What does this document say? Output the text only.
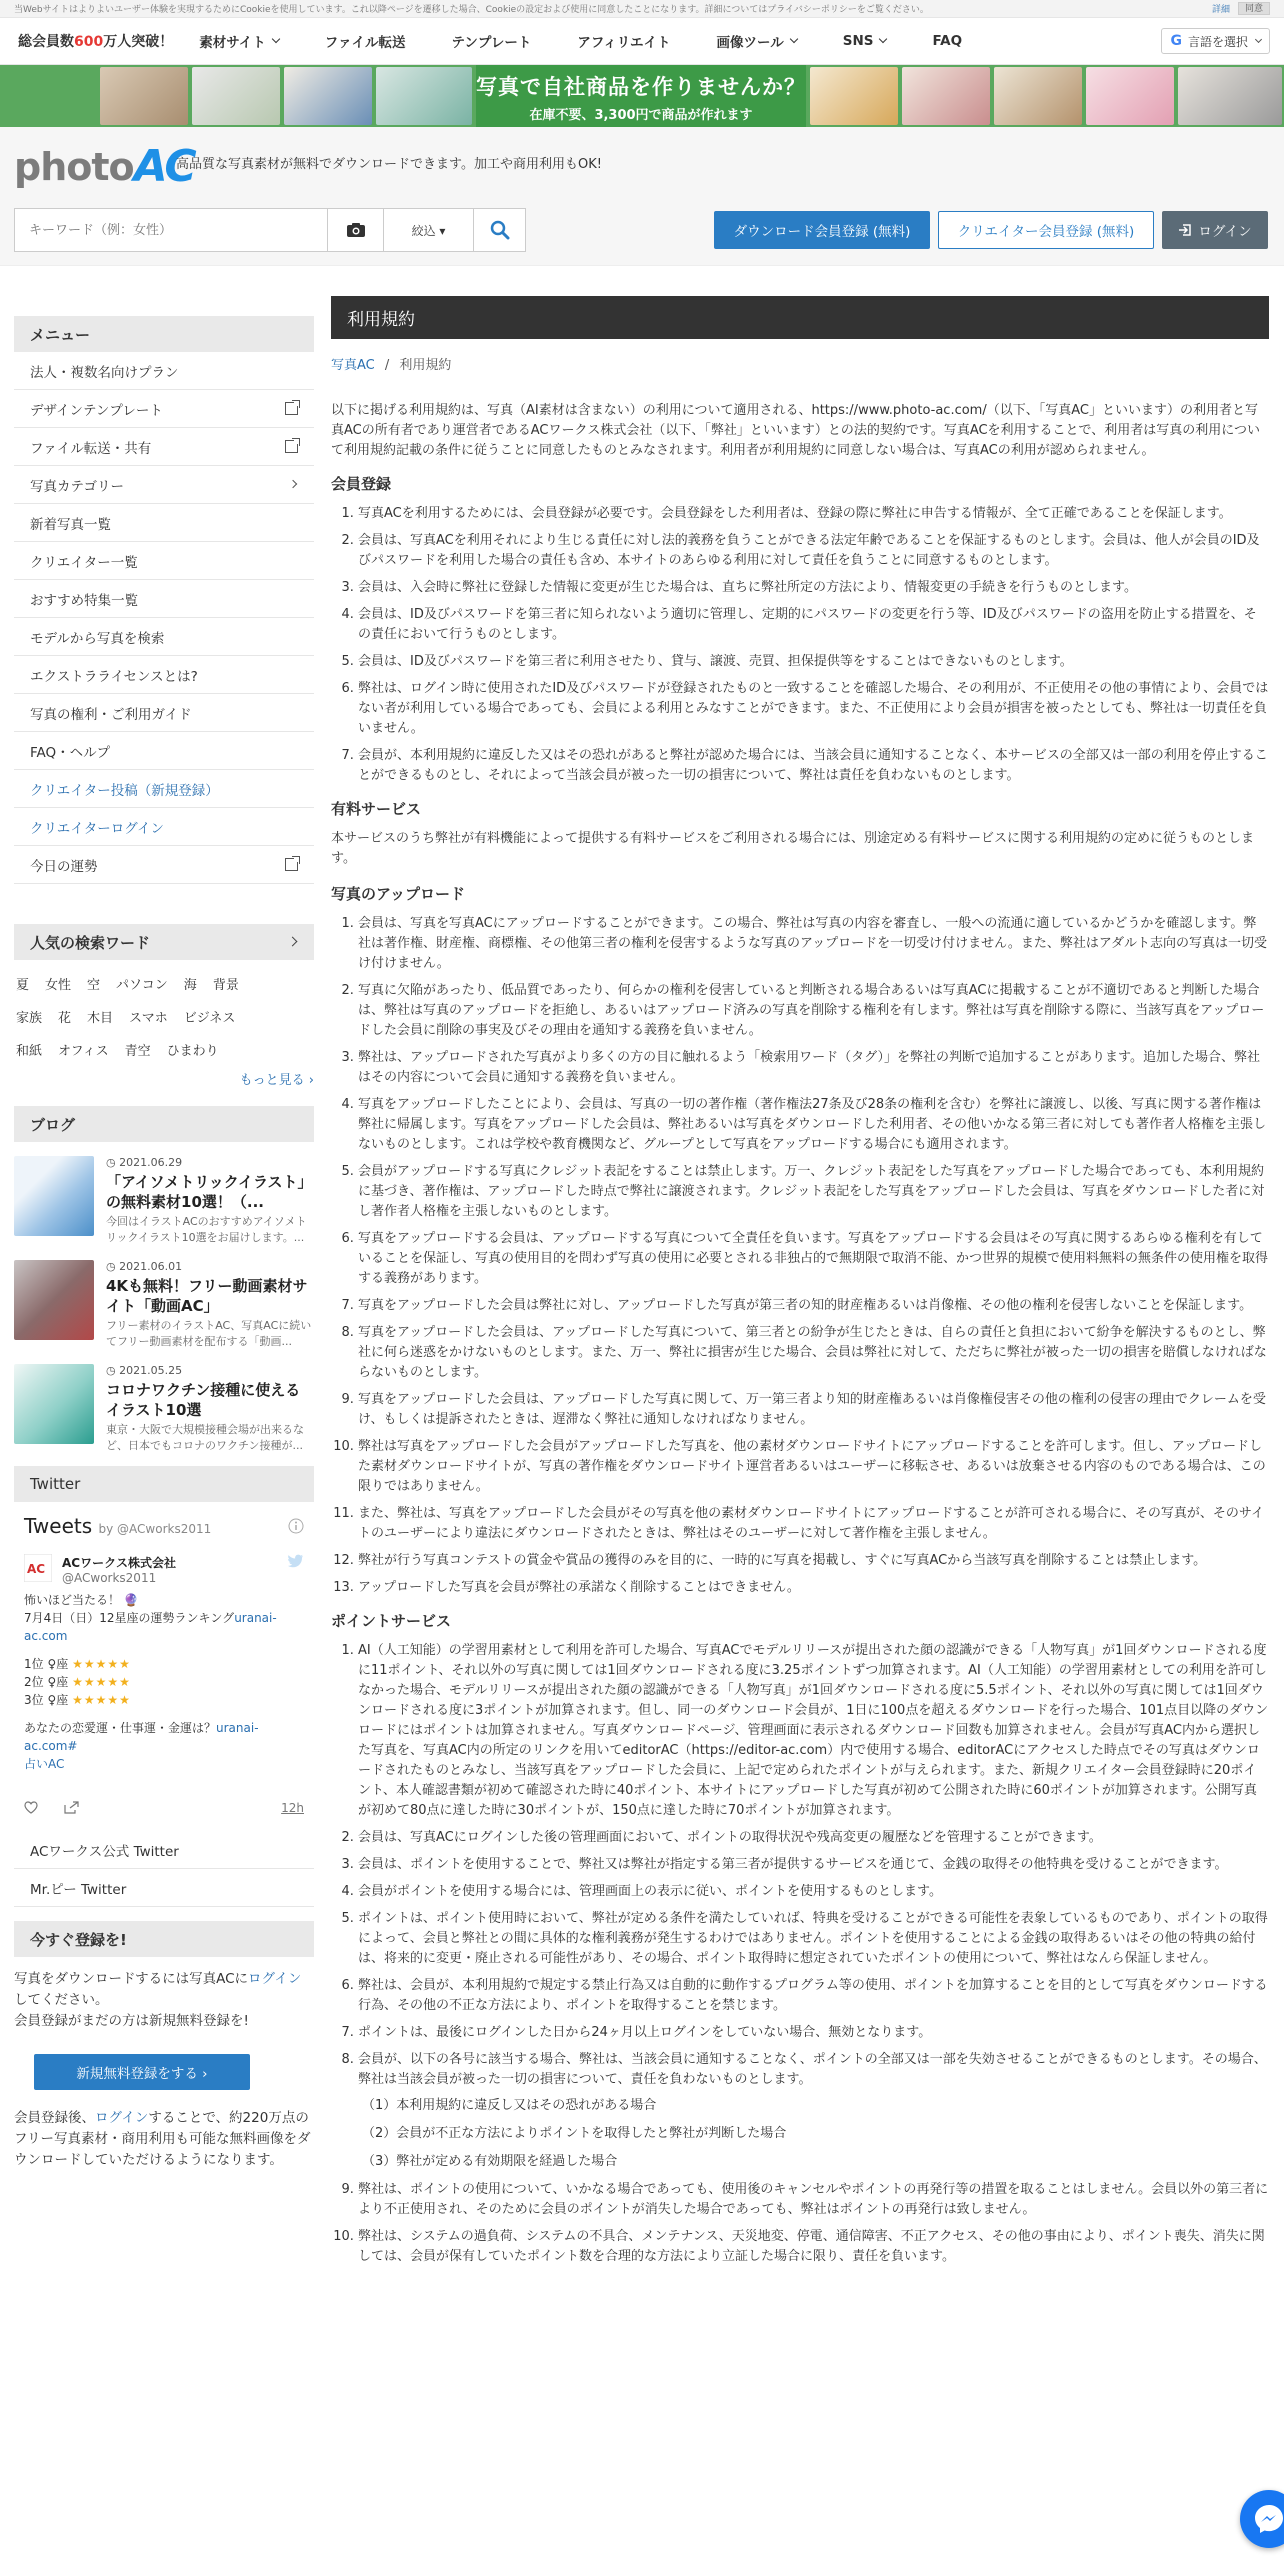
当Webサイトはよりよいユーザー体験を実現するためにCookieを使用しています。これ以降ページを遷移した場合、Cookieの設定および使用に同意したことになります。詳細についてはプライバシーポリシーをご覧ください。	詳細	同意
総会員数600万人突破！ 素材サイト	ファイル転送	テンプレート	アフィリエイト	画像ツール	SNS	FAQ	G 言語を選択
写真で自社商品を作りませんか？
在庫不要、3,300円で商品が作れます
photo AC
高品質な写真素材が無料でダウンロードできます。加工や商用利用もOK!
キーワード（例：女性）
絞込 ▾	ダウンロード会員登録 (無料)	クリエイター会員登録 (無料)	ログイン
メニュー
法人・複数名向けプラン
デザインテンプレート
ファイル転送・共有
写真カテゴリー
新着写真一覧
クリエイター一覧
おすすめ特集一覧
モデルから写真を検索
エクストラライセンスとは?
写真の権利・ご利用ガイド
FAQ・ヘルプ
クリエイター投稿（新規登録）
クリエイターログイン
今日の運勢
人気の検索ワード
夏 女性 空 パソコン 海 背景
家族 花 木目 スマホ ビジネス
和紙 オフィス 青空 ひまわり
もっと見る ›
ブログ
◷ 2021.06.29
「アイソメトリックイラスト」の無料素材10選！（...
今回はイラストACのおすすめアイソメトリックイラスト10選をお届けします。...
◷ 2021.06.01
4Kも無料！フリー動画素材サイト「動画AC」
フリー素材のイラストAC、写真ACに続いてフリー動画素材を配布する「動画...
◷ 2021.05.25
コロナワクチン接種に使えるイラスト10選
東京・大阪で大規模接種会場が出来るなど、日本でもコロナのワクチン接種が...
Twitter
Tweets by @ACworks2011
AC ACワークス株式会社
@ACworks2011
怖いほど当たる！ 🔮
7月4日（日）12星座の運勢ランキングuranai-ac.com
1位 ♀座 ★★★★★
2位 ♀座 ★★★★★
3位 ♀座 ★★★★★
あなたの恋愛運・仕事運・金運は？uranai-ac.com#
占いAC

12h
ACワークス公式 Twitter
Mr.ピー Twitter
今すぐ登録を!
写真をダウンロードするには写真ACにログインしてください。
会員登録がまだの方は新規無料登録を!
新規無料登録をする ›
会員登録後、ログインすることで、約220万点のフリー写真素材・商用利用も可能な無料画像をダウンロードしていただけるようになります。
利用規約
写真AC / 利用規約
以下に掲げる利用規約は、写真（AI素材は含まない）の利用について適用される、https://www.photo-ac.com/（以下、「写真AC」といいます）の利用者と写真ACの所有者であり運営者であるACワークス株式会社（以下、「弊社」といいます）との法的契約です。写真ACを利用することで、利用者は写真の利用について利用規約記載の条件に従うことに同意したものとみなされます。利用者が利用規約に同意しない場合は、写真ACの利用が認められません。
会員登録
1. 写真ACを利用するためには、会員登録が必要です。会員登録をした利用者は、登録の際に弊社に申告する情報が、全て正確であることを保証します。
2. 会員は、写真ACを利用それにより生じる責任に対し法的義務を負うことができる法定年齢であることを保証するものとします。会員は、他人が会員のID及びパスワードを利用した場合の責任も含め、本サイトのあらゆる利用に対して責任を負うことに同意するものとします。
3. 会員は、入会時に弊社に登録した情報に変更が生じた場合は、直ちに弊社所定の方法により、情報変更の手続きを行うものとします。
4. 会員は、ID及びパスワードを第三者に知られないよう適切に管理し、定期的にパスワードの変更を行う等、ID及びパスワードの盗用を防止する措置を、その責任において行うものとします。
5. 会員は、ID及びパスワードを第三者に利用させたり、貸与、譲渡、売買、担保提供等をすることはできないものとします。
6. 弊社は、ログイン時に使用されたID及びパスワードが登録されたものと一致することを確認した場合、その利用が、不正使用その他の事情により、会員ではない者が利用している場合であっても、会員による利用とみなすことができます。また、不正使用により会員が損害を被ったとしても、弊社は一切責任を負いません。
7. 会員が、本利用規約に違反した又はその恐れがあると弊社が認めた場合には、当該会員に通知することなく、本サービスの全部又は一部の利用を停止することができるものとし、それによって当該会員が被った一切の損害について、弊社は責任を負わないものとします。
有料サービス

本サービスのうち弊社が有料機能によって提供する有料サービスをご利用される場合には、別途定める有料サービスに関する利用規約の定めに従うものとします。

写真のアップロード
1. 会員は、写真を写真ACにアップロードすることができます。この場合、弊社は写真の内容を審査し、一般への流通に適しているかどうかを確認します。弊社は著作権、財産権、商標権、その他第三者の権利を侵害するような写真のアップロードを一切受け付けません。また、弊社はアダルト志向の写真は一切受け付けません。
2. 写真に欠陥があったり、低品質であったり、何らかの権利を侵害していると判断される場合あるいは写真ACに掲載することが不適切であると判断した場合は、弊社は写真のアップロードを拒絶し、あるいはアップロード済みの写真を削除する権利を有します。弊社は写真を削除する際に、当該写真をアップロードした会員に削除の事実及びその理由を通知する義務を負いません。
3. 弊社は、アップロードされた写真がより多くの方の目に触れるよう「検索用ワード（タグ）」を弊社の判断で追加することがあります。追加した場合、弊社はその内容について会員に通知する義務を負いません。
4. 写真をアップロードしたことにより、会員は、写真の一切の著作権（著作権法27条及び28条の権利を含む）を弊社に譲渡し、以後、写真に関する著作権は弊社に帰属します。写真をアップロードした会員は、弊社あるいは写真をダウンロードした利用者、その他いかなる第三者に対しても著作者人格権を主張しないものとします。これは学校や教育機関など、グループとして写真をアップロードする場合にも適用されます。
5. 会員がアップロードする写真にクレジット表記をすることは禁止します。万一、クレジット表記をした写真をアップロードした場合であっても、本利用規約に基づき、著作権は、アップロードした時点で弊社に譲渡されます。クレジット表記をした写真をアップロードした会員は、写真をダウンロードした者に対し著作者人格権を主張しないものとします。
6. 写真をアップロードする会員は、アップロードする写真について全責任を負います。写真をアップロードする会員はその写真に関するあらゆる権利を有していることを保証し、写真の使用目的を問わず写真の使用に必要とされる非独占的で無期限で取消不能、かつ世界的規模で使用料無料の無条件の使用権を取得する義務があります。
7. 写真をアップロードした会員は弊社に対し、アップロードした写真が第三者の知的財産権あるいは肖像権、その他の権利を侵害しないことを保証します。
8. 写真をアップロードした会員は、アップロードした写真について、第三者との紛争が生じたときは、自らの責任と負担において紛争を解決するものとし、弊社に何ら迷惑をかけないものとします。また、万一、弊社に損害が生じた場合、会員は弊社に対して、ただちに弊社が被った一切の損害を賠償しなければならないものとします。
9. 写真をアップロードした会員は、アップロードした写真に関して、万一第三者より知的財産権あるいは肖像権侵害その他の権利の侵害の理由でクレームを受け、もしくは提訴されたときは、遅滞なく弊社に通知しなければなりません。
10. 弊社は写真をアップロードした会員がアップロードした写真を、他の素材ダウンロードサイトにアップロードすることを許可します。但し、アップロードした素材ダウンロードサイトが、写真の著作権をダウンロードサイト運営者あるいはユーザーに移転させ、あるいは放棄させる内容のものである場合は、この限りではありません。
11. また、弊社は、写真をアップロードした会員がその写真を他の素材ダウンロードサイトにアップロードすることが許可される場合に、その写真が、そのサイトのユーザーにより違法にダウンロードされたときは、弊社はそのユーザーに対して著作権を主張しません。
12. 弊社が行う写真コンテストの賞金や賞品の獲得のみを目的に、一時的に写真を掲載し、すぐに写真ACから当該写真を削除することは禁止します。
13. アップロードした写真を会員が弊社の承諾なく削除することはできません。
ポイントサービス
1. AI（人工知能）の学習用素材として利用を許可した場合、写真ACでモデルリリースが提出された顔の認識ができる「人物写真」が1回ダウンロードされる度に11ポイント、それ以外の写真に関しては1回ダウンロードされる度に3.25ポイントずつ加算されます。AI（人工知能）の学習用素材としての利用を許可しなかった場合、モデルリリースが提出された顔の認識ができる「人物写真」が1回ダウンロードされる度に5.5ポイント、それ以外の写真に関しては1回ダウンロードされる度に3ポイントが加算されます。但し、同一のダウンロード会員が、1日に100点を超えるダウンロードを行った場合、101点目以降のダウンロードにはポイントは加算されません。写真ダウンロードページ、管理画面に表示されるダウンロード回数も加算されません。会員が写真AC内から選択した写真を、写真AC内の所定のリンクを用いてeditorAC（https://editor-ac.com）内で使用する場合、editorACにアクセスした時点でその写真はダウンロードされたものとみなし、当該写真をアップロードした会員に、上記で定められたポイントが与えられます。また、新規クリエイター会員登録時に20ポイント、本人確認書類が初めて確認された時に40ポイント、本サイトにアップロードした写真が初めて公開された時に60ポイントが加算されます。公開写真が初めて80点に達した時に30ポイントが、150点に達した時に70ポイントが加算されます。
2. 会員は、写真ACにログインした後の管理画面において、ポイントの取得状況や残高変更の履歴などを管理することができます。
3. 会員は、ポイントを使用することで、弊社又は弊社が指定する第三者が提供するサービスを通じて、金銭の取得その他特典を受けることができます。
4. 会員がポイントを使用する場合には、管理画面上の表示に従い、ポイントを使用するものとします。
5. ポイントは、ポイント使用時において、弊社が定める条件を満たしていれば、特典を受けることができる可能性を表象しているものであり、ポイントの取得によって、会員と弊社との間に具体的な権利義務が発生するわけではありません。ポイントを使用することによる金銭の取得あるいはその他の特典の給付は、将来的に変更・廃止される可能性があり、その場合、ポイント取得時に想定されていたポイントの使用について、弊社はなんら保証しません。
6. 弊社は、会員が、本利用規約で規定する禁止行為又は自動的に動作するプログラム等の使用、ポイントを加算することを目的として写真をダウンロードする行為、その他の不正な方法により、ポイントを取得することを禁じます。
7. ポイントは、最後にログインした日から24ヶ月以上ログインをしていない場合、無効となります。
8. 会員が、以下の各号に該当する場合、弊社は、当該会員に通知することなく、ポイントの全部又は一部を失効させることができるものとします。その場合、弊社は当該会員が被った一切の損害について、責任を負わないものとします。
（1）本利用規約に違反し又はその恐れがある場合
（2）会員が不正な方法によりポイントを取得したと弊社が判断した場合
（3）弊社が定める有効期限を経過した場合
9. 弊社は、ポイントの使用について、いかなる場合であっても、使用後のキャンセルやポイントの再発行等の措置を取ることはしません。会員以外の第三者により不正使用され、そのために会員のポイントが消失した場合であっても、弊社はポイントの再発行は致しません。
10. 弊社は、システムの過負荷、システムの不具合、メンテナンス、天災地変、停電、通信障害、不正アクセス、その他の事由により、ポイント喪失、消失に関しては、会員が保有していたポイント数を合理的な方法により立証した場合に限り、責任を負います。
